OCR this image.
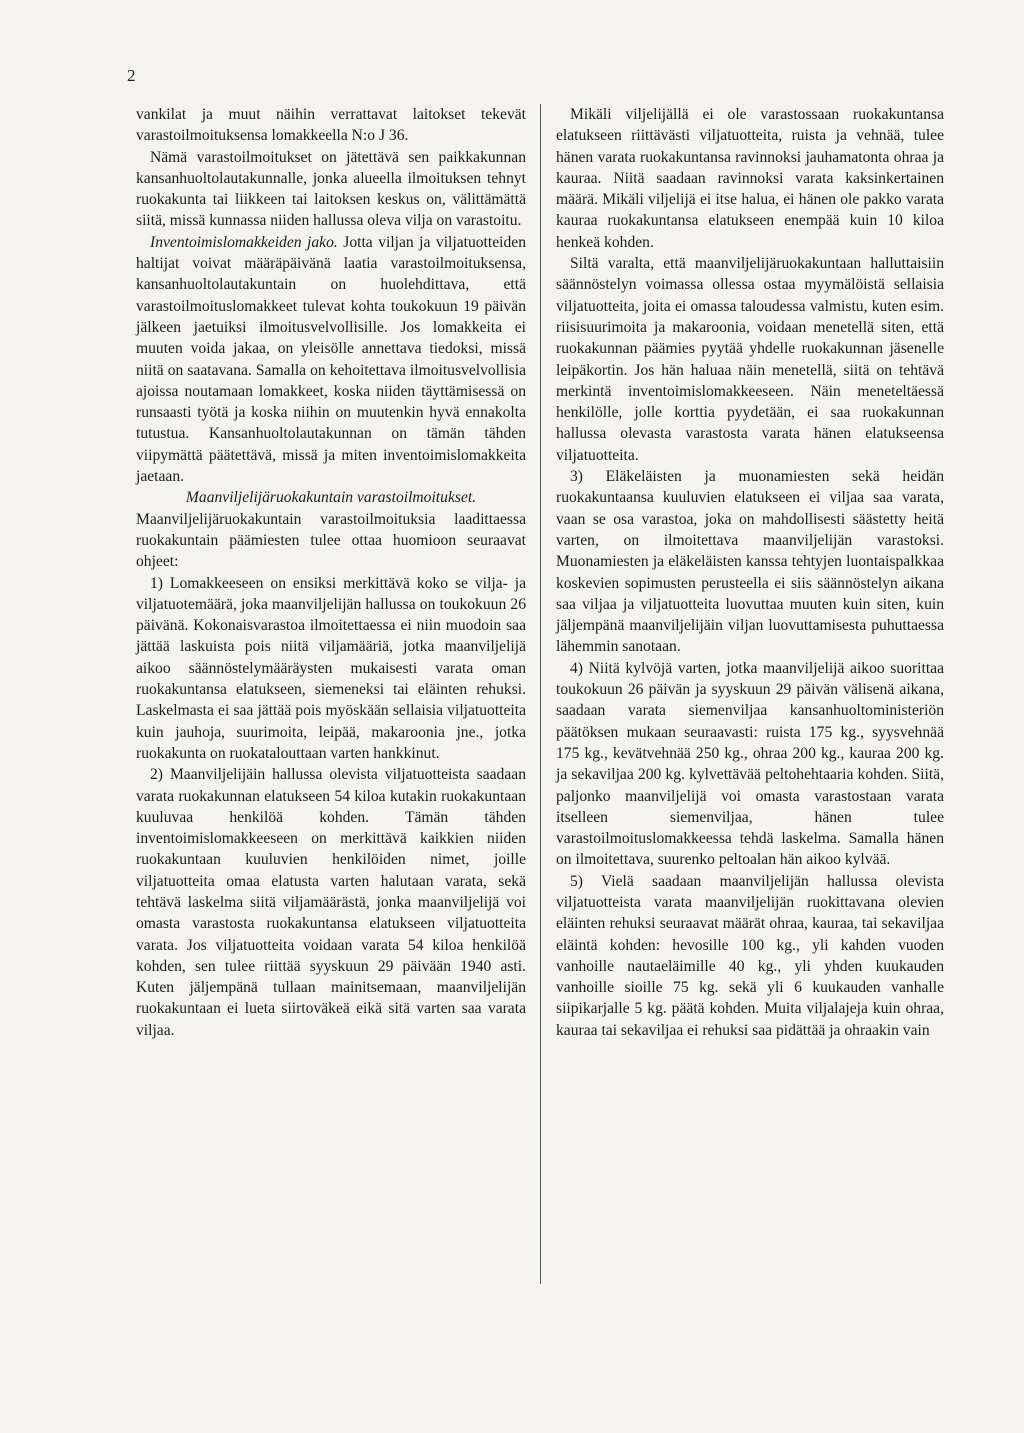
2

vankilat ja muut näihin verrattavat laitokset tekevät varastoilmoituksensa lomakkeella N:o J 36.

Nämä varastoilmoitukset on jätettävä sen paikkakunnan kansanhuoltolautakunnalle, jonka alueella ilmoituksen tehnyt ruokakunta tai liikkeen tai laitoksen keskus on, välittämättä siitä, missä kunnassa niiden hallussa oleva vilja on varastoitu.

Inventoimislomakkeiden jako. Jotta viljan ja viljatuotteiden haltijat voivat määräpäivänä laatia varastoilmoituksensa, kansanhuoltolautakuntain on huolehdittava, että varastoilmoituslomakkeet tulevat kohta toukokuun 19 päivän jälkeen jaetuiksi ilmoitusvelvollisille. Jos lomakkeita ei muuten voida jakaa, on yleisölle annettava tiedoksi, missä niitä on saatavana. Samalla on kehoitettava ilmoitusvelvollisia ajoissa noutamaan lomakkeet, koska niiden täyttämisessä on runsaasti työtä ja koska niihin on muutenkin hyvä ennakolta tutustua. Kansanhuoltolautakunnan on tämän tähden viipymättä päätettävä, missä ja miten inventoimislomakkeita jaetaan.

Maanviljelijäruokakuntain varastoilmoitukset.

Maanviljelijäruokakuntain varastoilmoituksia laadittaessa ruokakuntain päämiesten tulee ottaa huomioon seuraavat ohjeet:

1) Lomakkeeseen on ensiksi merkittävä koko se vilja- ja viljatuotemäärä, joka maanviljelijän hallussa on toukokuun 26 päivänä. Kokonaisvarastoa ilmoitettaessa ei niin muodoin saa jättää laskuista pois niitä viljamääriä, jotka maanviljelijä aikoo säännöstelymääräysten mukaisesti varata oman ruokakuntansa elatukseen, siemeneksi tai eläinten rehuksi. Laskelmasta ei saa jättää pois myöskään sellaisia viljatuotteita kuin jauhoja, suurimoita, leipää, makaroonia jne., jotka ruokakunta on ruokatalouttaan varten hankkinut.

2) Maanviljelijäin hallussa olevista viljatuotteista saadaan varata ruokakunnan elatukseen 54 kiloa kutakin ruokakuntaan kuuluvaa henkilöä kohden. Tämän tähden inventoimislomakkeeseen on merkittävä kaikkien niiden ruokakuntaan kuuluvien henkilöiden nimet, joille viljatuotteita omaa elatusta varten halutaan varata, sekä tehtävä laskelma siitä viljamäärästä, jonka maanviljelijä voi omasta varastosta ruokakuntansa elatukseen viljatuotteita varata. Jos viljatuotteita voidaan varata 54 kiloa henkilöä kohden, sen tulee riittää syyskuun 29 päivään 1940 asti. Kuten jäljempänä tullaan mainitsemaan, maanviljelijän ruokakuntaan ei lueta siirtoväkeä eikä sitä varten saa varata viljaa.

Mikäli viljelijällä ei ole varastossaan ruokakuntansa elatukseen riittävästi viljatuotteita, ruista ja vehnää, tulee hänen varata ruokakuntansa ravinnoksi jauhamatonta ohraa ja kauraa. Niitä saadaan ravinnoksi varata kaksinkertainen määrä. Mikäli viljelijä ei itse halua, ei hänen ole pakko varata kauraa ruokakuntansa elatukseen enempää kuin 10 kiloa henkeä kohden.

Siltä varalta, että maanviljelijäruokakuntaan halluttaisiin säännöstelyn voimassa ollessa ostaa myymälöistä sellaisia viljatuotteita, joita ei omassa taloudessa valmistu, kuten esim. riisisuurimoita ja makaroonia, voidaan menetellä siten, että ruokakunnan päämies pyytää yhdelle ruokakunnan jäsenelle leipäkortin. Jos hän haluaa näin menetellä, siitä on tehtävä merkintä inventoimislomakkeeseen. Näin meneteltäessä henkilölle, jolle korttia pyydetään, ei saa ruokakunnan hallussa olevasta varastosta varata hänen elatukseensa viljatuotteita.

3) Eläkeläisten ja muonamiesten sekä heidän ruokakuntaansa kuuluvien elatukseen ei viljaa saa varata, vaan se osa varastoa, joka on mahdollisesti säästetty heitä varten, on ilmoitettava maanviljelijän varastoksi. Muonamiesten ja eläkeläisten kanssa tehtyjen luontaispalkkaa koskevien sopimusten perusteella ei siis säännöstelyn aikana saa viljaa ja viljatuotteita luovuttaa muuten kuin siten, kuin jäljempänä maanviljelijäin viljan luovuttamisesta puhuttaessa lähemmin sanotaan.

4) Niitä kylvöjä varten, jotka maanviljelijä aikoo suorittaa toukokuun 26 päivän ja syyskuun 29 päivän välisenä aikana, saadaan varata siemenviljaa kansanhuoltoministeriön päätöksen mukaan seuraavasti: ruista 175 kg., syysvehnää 175 kg., kevätvehnää 250 kg., ohraa 200 kg., kauraa 200 kg. ja sekaviljaa 200 kg. kylvettävää peltohehtaaria kohden. Siitä, paljonko maanviljelijä voi omasta varastostaan varata itselleen siemenviljaa, hänen tulee varastoilmoituslomakkeessa tehdä laskelma. Samalla hänen on ilmoitettava, suurenko peltoalan hän aikoo kylvää.

5) Vielä saadaan maanviljelijän hallussa olevista viljatuotteista varata maanviljelijän ruokittavana olevien eläinten rehuksi seuraavat määrät ohraa, kauraa, tai sekaviljaa eläintä kohden: hevosille 100 kg., yli kahden vuoden vanhoille nautaeläimille 40 kg., yli yhden kuukauden vanhoille sioille 75 kg. sekä yli 6 kuukauden vanhalle siipikarjalle 5 kg. päätä kohden. Muita viljalajeja kuin ohraa, kauraa tai sekaviljaa ei rehuksi saa pidättää ja ohraakin vain
